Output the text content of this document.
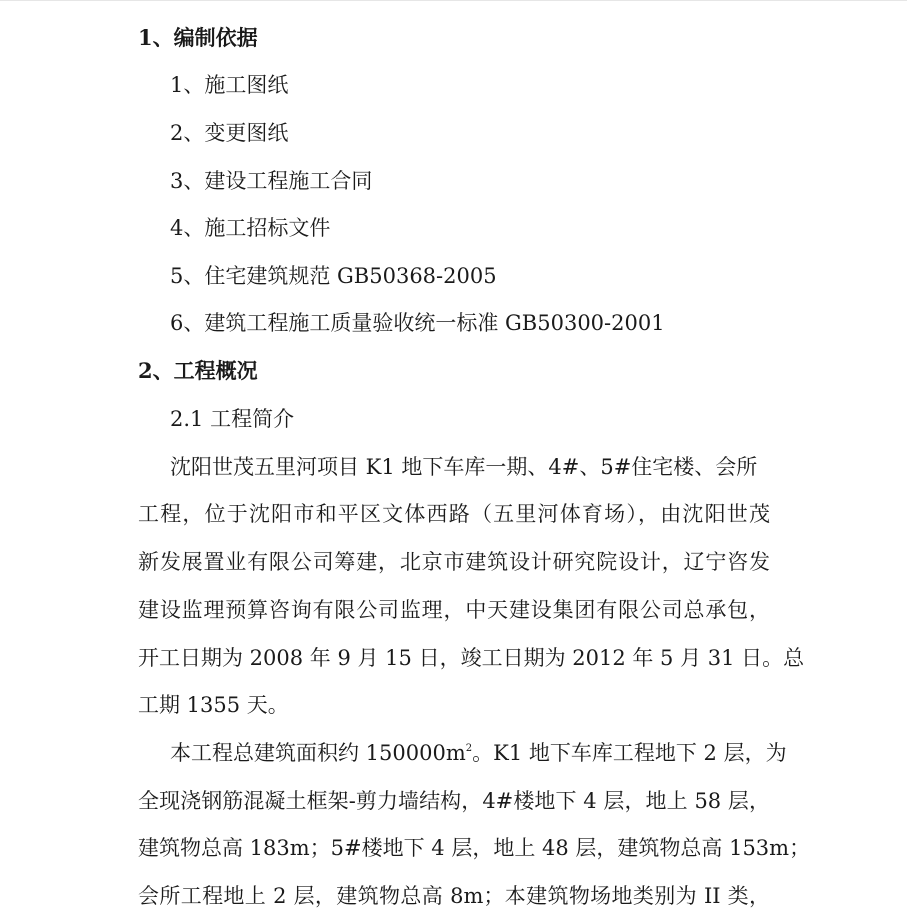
1、编制依据
1、施工图纸
2、变更图纸
3、建设工程施工合同
4、施工招标文件
5、住宅建筑规范 GB50368-2005
6、建筑工程施工质量验收统一标准 GB50300-2001
2、工程概况
2.1 工程简介
沈阳世茂五里河项目 K1 地下车库一期、4#、5#住宅楼、会所
工程，位于沈阳市和平区文体西路（五里河体育场），由沈阳世茂
新发展置业有限公司筹建，北京市建筑设计研究院设计，辽宁咨发
建设监理预算咨询有限公司监理，中天建设集团有限公司总承包，
开工日期为 2008 年 9 月 15 日，竣工日期为 2012 年 5 月 31 日。总
工期 1355 天。
本工程总建筑面积约 $150000m^2$。K1 地下车库工程地下 2 层，为
全现浇钢筋混凝土框架-剪力墙结构，4#楼地下 4 层，地上 58 层，
建筑物总高 183m；5#楼地下 4 层，地上 48 层，建筑物总高 153m；
会所工程地上 2 层，建筑物总高 8m；本建筑物场地类别为 II 类，
